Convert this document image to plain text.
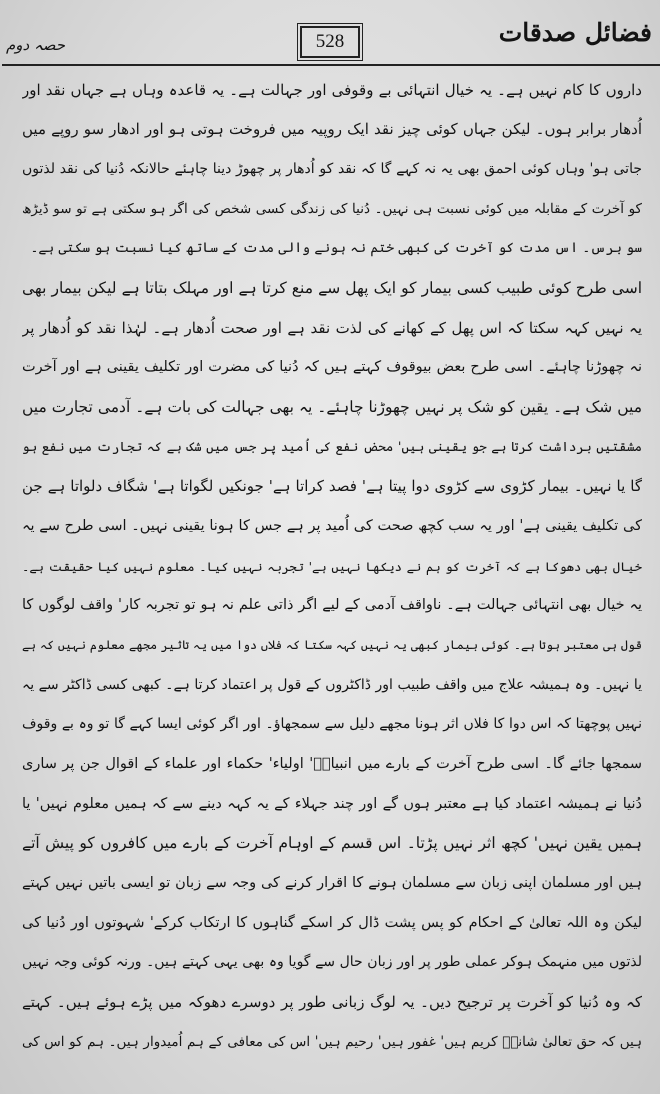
فضائل صدقات
528
حصہ دوم
داروں کا کام نہیں ہے۔ یہ خیال انتہائی بے وقوفی اور جہالت ہے۔ یہ قاعدہ وہاں ہے جہاں نقد اور
اُدھار برابر ہوں۔ لیکن جہاں کوئی چیز نقد ایک روپیہ میں فروخت ہوتی ہو اور ادھار سو روپے میں
جاتی ہو' وہاں کوئی احمق بھی یہ نہ کہے گا کہ نقد کو اُدھار پر چھوڑ دینا چاہئے حالانکہ دُنیا کی نقد لذتوں
کو آخرت کے مقابلہ میں کوئی نسبت ہی نہیں۔ دُنیا کی زندگی کسی شخص کی اگر ہو سکتی ہے تو سو ڈیڑھ
سو برس۔ اس مدت کو آخرت کی کبھی ختم نہ ہونے والی مدت کے ساتھ کیا نسبت ہو سکتی ہے۔
اسی طرح کوئی طبیب کسی بیمار کو ایک پھل سے منع کرتا ہے اور مہلک بتاتا ہے لیکن بیمار بھی
یہ نہیں کہہ سکتا کہ اس پھل کے کھانے کی لذت نقد ہے اور صحت اُدھار ہے۔ لہٰذا نقد کو اُدھار پر
نہ چھوڑنا چاہئے۔ اسی طرح بعض بیوقوف کہتے ہیں کہ دُنیا کی مضرت اور تکلیف یقینی ہے اور آخرت
میں شک ہے۔ یقین کو شک پر نہیں چھوڑنا چاہئے۔ یہ بھی جہالت کی بات ہے۔ آدمی تجارت میں
مشقتیں برداشت کرتا ہے جو یقینی ہیں' محض نفع کی اُمید پر جس میں شک ہے کہ تجارت میں نفع ہو
گا یا نہیں۔ بیمار کڑوی سے کڑوی دوا پیتا ہے' فصد کراتا ہے' جونکیں لگواتا ہے' شگاف دلواتا ہے جن
کی تکلیف یقینی ہے' اور یہ سب کچھ صحت کی اُمید پر ہے جس کا ہونا یقینی نہیں۔ اسی طرح سے یہ
خیال بھی دھوکا ہے کہ آخرت کو ہم نے دیکھا نہیں ہے' تجربہ نہیں کیا۔ معلوم نہیں کیا حقیقت ہے۔
یہ خیال بھی انتہائی جہالت ہے۔ ناواقف آدمی کے لیے اگر ذاتی علم نہ ہو تو تجربہ کار' واقف لوگوں کا
قول ہی معتبر ہوتا ہے۔ کوئی بیمار کبھی یہ نہیں کہہ سکتا کہ فلاں دوا میں یہ تاثیر مجھے معلوم نہیں کہ ہے
یا نہیں۔ وہ ہمیشہ علاج میں واقف طبیب اور ڈاکٹروں کے قول پر اعتماد کرتا ہے۔ کبھی کسی ڈاکٹر سے یہ
نہیں پوچھتا کہ اس دوا کا فلاں اثر ہونا مجھے دلیل سے سمجھاؤ۔ اور اگر کوئی ایسا کہے گا تو وہ بے وقوف
سمجھا جائے گا۔ اسی طرح آخرت کے بارے میں انبیاءؑ' اولیاء' حکماء اور علماء کے اقوال جن پر ساری
دُنیا نے ہمیشہ اعتماد کیا ہے معتبر ہوں گے اور چند جہلاء کے یہ کہہ دینے سے کہ ہمیں معلوم نہیں' یا
ہمیں یقین نہیں' کچھ اثر نہیں پڑتا۔ اس قسم کے اوہام آخرت کے بارے میں کافروں کو پیش آتے
ہیں اور مسلمان اپنی زبان سے مسلمان ہونے کا اقرار کرنے کی وجہ سے زبان تو ایسی باتیں نہیں کہتے
لیکن وہ اللہ تعالیٰ کے احکام کو پس پشت ڈال کر اسکے گناہوں کا ارتکاب کرکے' شہوتوں اور دُنیا کی
لذتوں میں منہمک ہوکر عملی طور پر اور زبان حال سے گویا وہ بھی یہی کہتے ہیں۔ ورنہ کوئی وجہ نہیں
کہ وہ دُنیا کو آخرت پر ترجیح دیں۔ یہ لوگ زبانی طور پر دوسرے دھوکہ میں پڑے ہوئے ہیں۔ کہتے
ہیں کہ حق تعالیٰ شانہٗ کریم ہیں' غفور ہیں' رحیم ہیں' اس کی معافی کے ہم اُمیدوار ہیں۔ ہم کو اس کی
